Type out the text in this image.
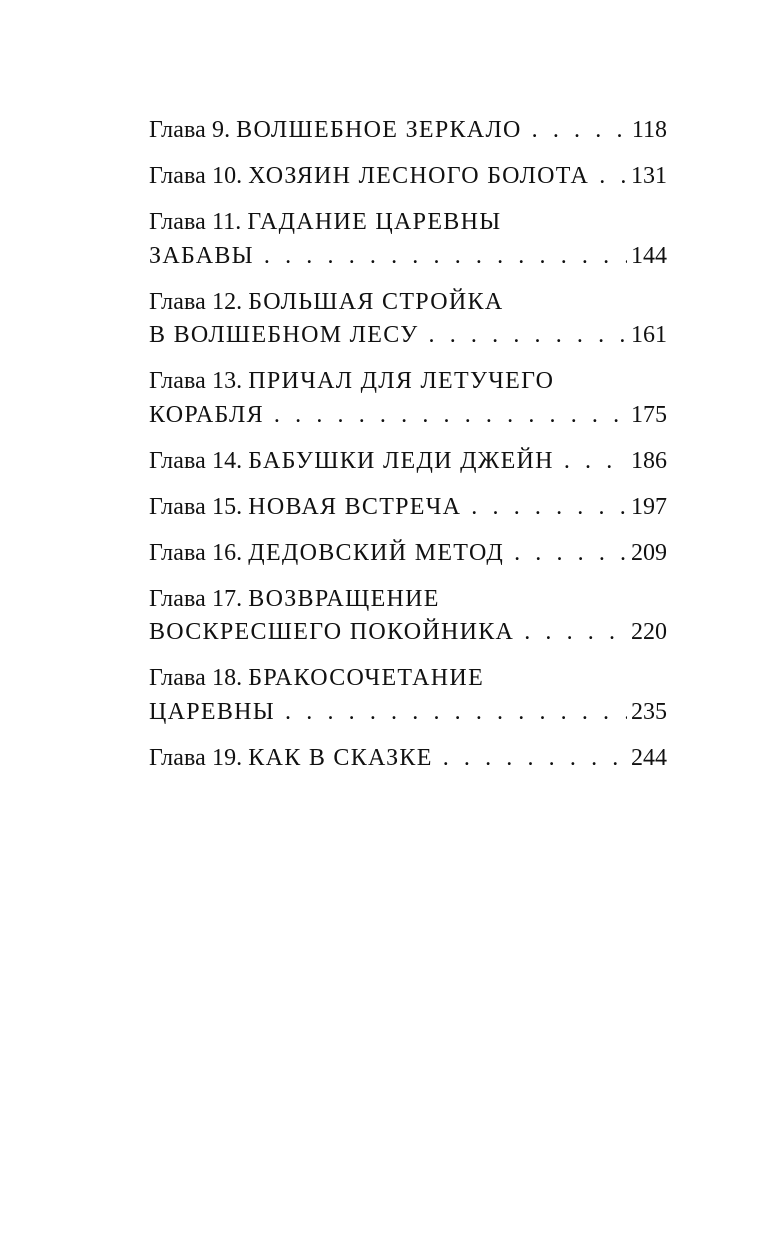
Глава 9.
ВОЛШЕБНОЕ ЗЕРКАЛО . . .	118
Глава 10.
ХОЗЯИН ЛЕСНОГО БОЛОТА . . . 131
Глава 11.
ГАДАНИЕ ЦАРЕВНЫ
ЗАБАВЫ . . .	144
Глава 12.
БОЛЬШАЯ СТРОЙКА
В ВОЛШЕБНОМ ЛЕСУ . . .	161
Глава 13.
ПРИЧАЛ ДЛЯ ЛЕТУЧЕГО
КОРАБЛЯ . . .	175
Глава 14.
БАБУШКИ ЛЕДИ ДЖЕЙН . . .	186
Глава 15.
НОВАЯ ВСТРЕЧА . . .	197
Глава 16.
ДЕДОВСКИЙ МЕТОД . . .	209
Глава 17.
ВОЗВРАЩЕНИЕ
ВОСКРЕСШЕГО ПОКОЙНИКА . . .	220
Глава 18.
БРАКОСОЧЕТАНИЕ
ЦАРЕВНЫ . . .	235
Глава 19.
КАК В СКАЗКЕ . . .	244
